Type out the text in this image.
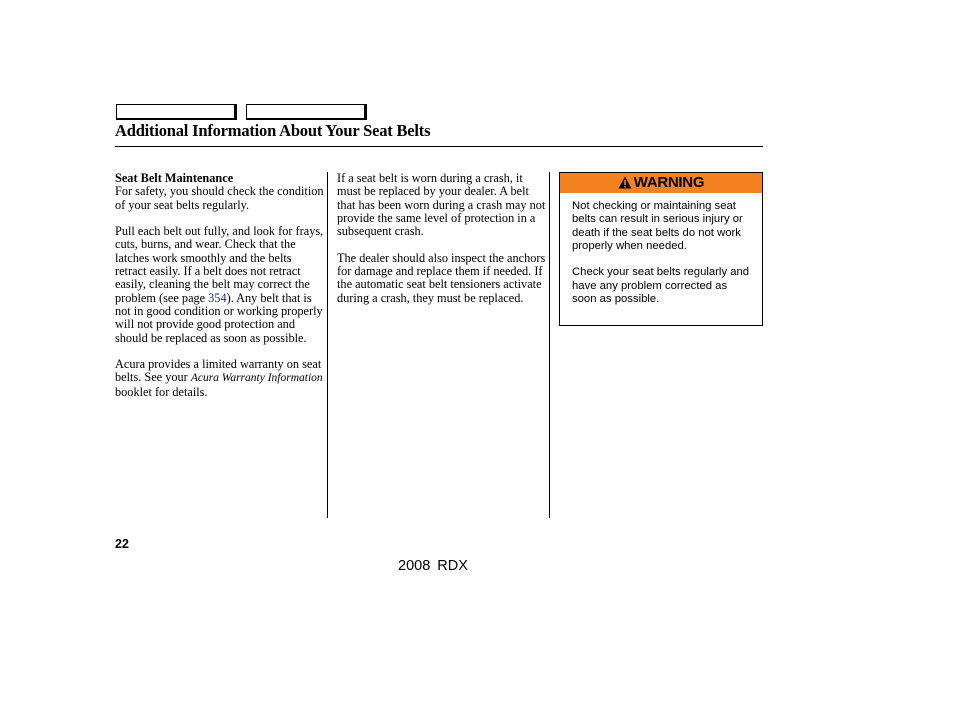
Additional Information About Your Seat Belts
Seat Belt Maintenance

For safety, you should check the condition of your seat belts regularly.

Pull each belt out fully, and look for frays, cuts, burns, and wear. Check that the latches work smoothly and the belts retract easily. If a belt does not retract easily, cleaning the belt may correct the problem (see page 354). Any belt that is not in good condition or working properly will not provide good protection and should be replaced as soon as possible.

Acura provides a limited warranty on seat belts. See your Acura Warranty Information booklet for details.

If a seat belt is worn during a crash, it must be replaced by your dealer. A belt that has been worn during a crash may not provide the same level of protection in a subsequent crash.

The dealer should also inspect the anchors for damage and replace them if needed. If the automatic seat belt tensioners activate during a crash, they must be replaced.

WARNING

Not checking or maintaining seat belts can result in serious injury or death if the seat belts do not work properly when needed.

Check your seat belts regularly and have any problem corrected as soon as possible.

22
2008 RDX
